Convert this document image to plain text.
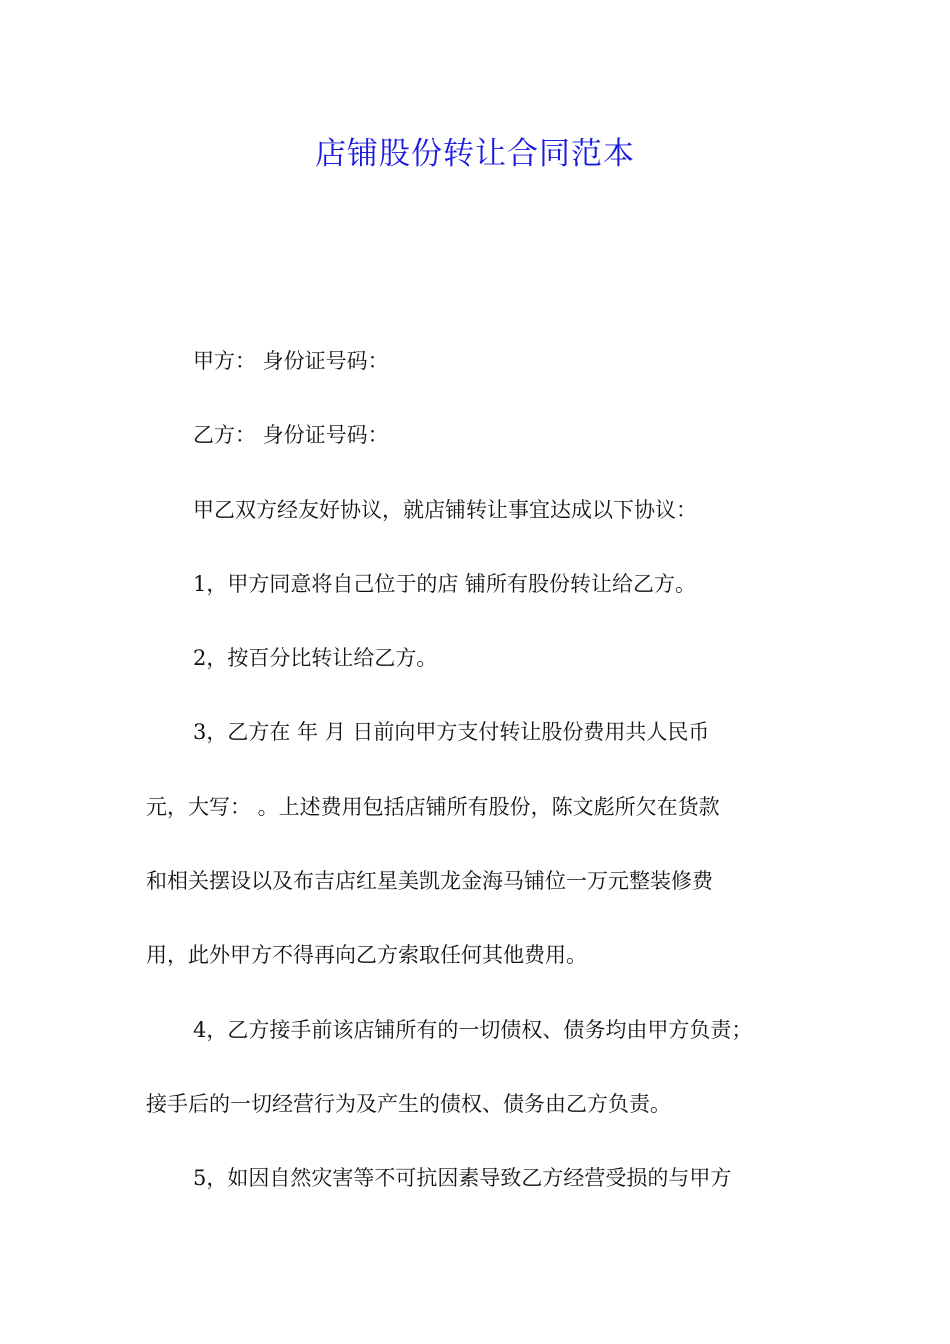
店铺股份转让合同范本
甲方： 身份证号码：
乙方： 身份证号码：
甲乙双方经友好协议，就店铺转让事宜达成以下协议：
1，甲方同意将自己位于的店 铺所有股份转让给乙方。
2，按百分比转让给乙方。
3，乙方在 年 月 日前向甲方支付转让股份费用共人民币
元，大写： 。上述费用包括店铺所有股份，陈文彪所欠在货款
和相关摆设以及布吉店红星美凯龙金海马铺位一万元整装修费
用，此外甲方不得再向乙方索取任何其他费用。
4，乙方接手前该店铺所有的一切债权、债务均由甲方负责；
接手后的一切经营行为及产生的债权、债务由乙方负责。
5，如因自然灾害等不可抗因素导致乙方经营受损的与甲方
